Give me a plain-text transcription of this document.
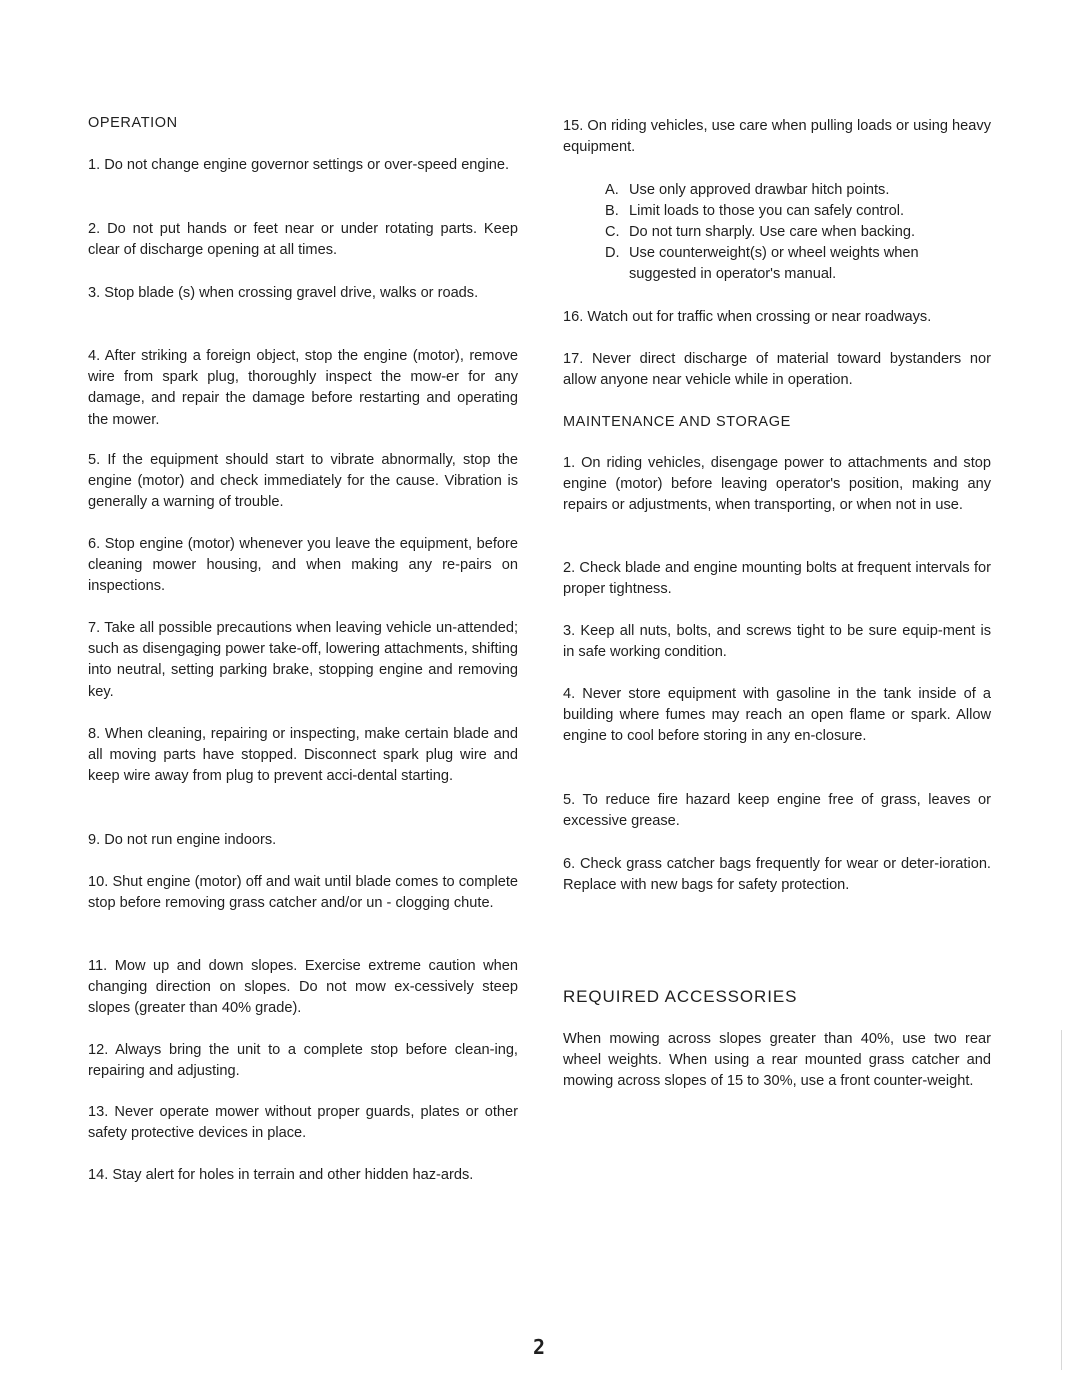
OPERATION

1. Do not change engine governor settings or over-speed engine.

2. Do not put hands or feet near or under rotating parts. Keep clear of discharge opening at all times.

3. Stop blade (s) when crossing gravel drive, walks or roads.

4. After striking a foreign object, stop the engine (motor), remove wire from spark plug, thoroughly inspect the mow-er for any damage, and repair the damage before restarting and operating the mower.

5. If the equipment should start to vibrate abnormally, stop the engine (motor) and check immediately for the cause. Vibration is generally a warning of trouble.

6. Stop engine (motor) whenever you leave the equipment, before cleaning mower housing, and when making any re-pairs on inspections.

7. Take all possible precautions when leaving vehicle un-attended; such as disengaging power take-off, lowering attachments, shifting into neutral, setting parking brake, stopping engine and removing key.

8. When cleaning, repairing or inspecting, make certain blade and all moving parts have stopped. Disconnect spark plug wire and keep wire away from plug to prevent acci-dental starting.

9. Do not run engine indoors.

10. Shut engine (motor) off and wait until blade comes to complete stop before removing grass catcher and/or un - clogging chute.

11. Mow up and down slopes. Exercise extreme caution when changing direction on slopes. Do not mow ex-cessively steep slopes (greater than 40% grade).

12. Always bring the unit to a complete stop before clean-ing, repairing and adjusting.

13. Never operate mower without proper guards, plates or other safety protective devices in place.

14. Stay alert for holes in terrain and other hidden haz-ards.

15. On riding vehicles, use care when pulling loads or using heavy equipment.

A. Use only approved drawbar hitch points.
B. Limit loads to those you can safely control.
C. Do not turn sharply. Use care when backing.
D. Use counterweight(s) or wheel weights when
suggested in operator's manual.

16. Watch out for traffic when crossing or near roadways.

17. Never direct discharge of material toward bystanders nor allow anyone near vehicle while in operation.

MAINTENANCE AND STORAGE

1. On riding vehicles, disengage power to attachments and stop engine (motor) before leaving operator's position, making any repairs or adjustments, when transporting, or when not in use.

2. Check blade and engine mounting bolts at frequent intervals for proper tightness.

3. Keep all nuts, bolts, and screws tight to be sure equip-ment is in safe working condition.

4. Never store equipment with gasoline in the tank inside of a building where fumes may reach an open flame or spark. Allow engine to cool before storing in any en-closure.

5. To reduce fire hazard keep engine free of grass, leaves or excessive grease.

6. Check grass catcher bags frequently for wear or deter-ioration. Replace with new bags for safety protection.

REQUIRED ACCESSORIES

When mowing across slopes greater than 40%, use two rear wheel weights. When using a rear mounted grass catcher and mowing across slopes of 15 to 30%, use a front counter-weight.

2
